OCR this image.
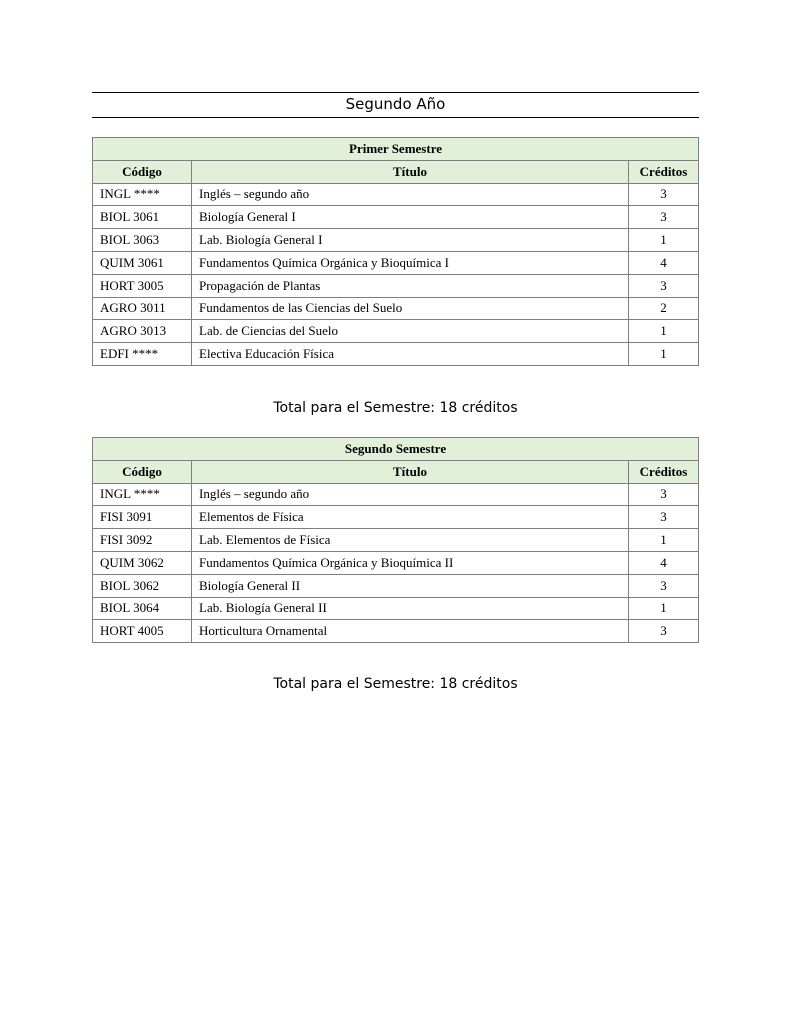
Segundo Año
Primer Semestre		
Código	Título	Créditos
INGL ****	Inglés – segundo año	3
BIOL 3061	Biología General I	3
BIOL 3063	Lab. Biología General I	1
QUIM 3061	Fundamentos Química Orgánica y Bioquímica I	4
HORT 3005	Propagación de Plantas	3
AGRO 3011	Fundamentos de las Ciencias del Suelo	2
AGRO 3013	Lab. de Ciencias del Suelo	1
EDFI ****	Electiva Educación Física	1
Total para el Semestre: 18 créditos
Segundo Semestre		
Código	Título	Créditos
INGL ****	Inglés – segundo año	3
FISI 3091	Elementos de Física	3
FISI 3092	Lab. Elementos de Física	1
QUIM 3062	Fundamentos Química Orgánica y Bioquímica II	4
BIOL 3062	Biología General II	3
BIOL 3064	Lab. Biología General II	1
HORT 4005	Horticultura Ornamental	3
Total para el Semestre: 18 créditos
